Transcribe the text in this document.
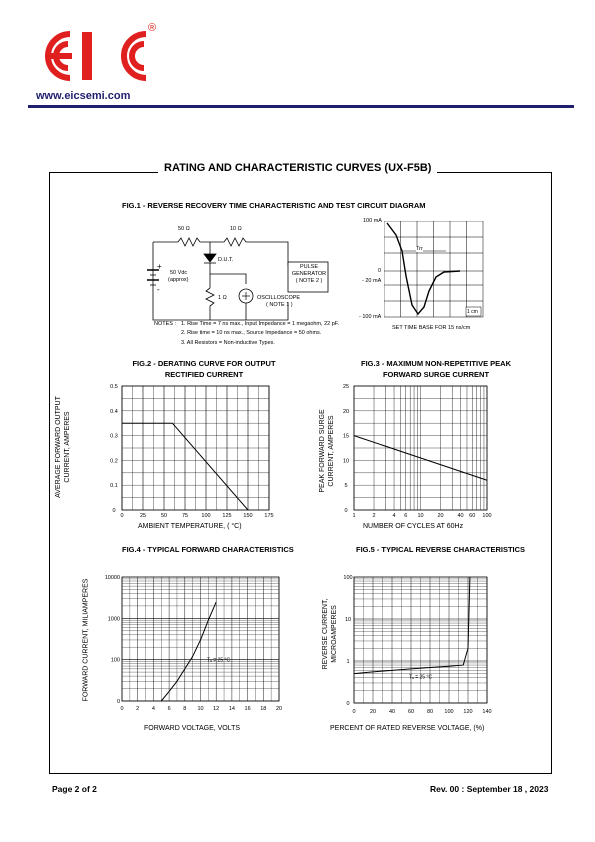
®
www.eicsemi.com
RATING AND CHARACTERISTIC CURVES (UX-F5B)
FIG.1 - REVERSE RECOVERY TIME CHARACTERISTIC AND TEST CIRCUIT DIAGRAM
50 Ω	10 Ω
D.U.T.
+
-
50 Vdc
(approx)
PULSE
GENERATOR
( NOTE 2 )
1 Ω	OSCILLOSCOPE
( NOTE 1 )
NOTES : 1. Rise Time = 7 ns max., Input Impedance = 1 megaohm, 22 pF.
2. Rise time = 10 ns max., Source Impedance = 50 ohms.
3. All Resistors = Non-inductive Types.
100 mA
0
- 20 mA
- 100 mA
Trr
1 cm
SET TIME BASE FOR 15 ns/cm
FIG.2 - DERATING CURVE FOR OUTPUT
RECTIFIED CURRENT
AVERAGE FORWARD OUTPUT CURRENT, AMPERES
0
0.1
0.2
0.3
0.4
0.5
0	25	50	75 100 125 150 175
AMBIENT TEMPERATURE, ( °C)
FIG.3 - MAXIMUM NON-REPETITIVE PEAK
FORWARD SURGE CURRENT
PEAK FORWARD SURGE CURRENT, AMPERES
0
5
10
15
20
25
1	2	4 6 10	20	40 60 100
NUMBER OF CYCLES AT 60Hz
FIG.4 - TYPICAL FORWARD CHARACTERISTICS
FORWARD CURRENT, MILIAMPERES
0
100
1000
10000
0 2 4 6 8 10 12 14 16 18 20
Tₐ = 25 °C
FORWARD VOLTAGE, VOLTS
FIG.5 - TYPICAL REVERSE CHARACTERISTICS
REVERSE CURRENT, MICROAMPERES
0
1
10
100
0	20 40 60 80 100 120 140
Tₐ = 25 °C
PERCENT OF RATED REVERSE VOLTAGE, (%)
Page 2 of 2	Rev. 00 : September 18 , 2023
